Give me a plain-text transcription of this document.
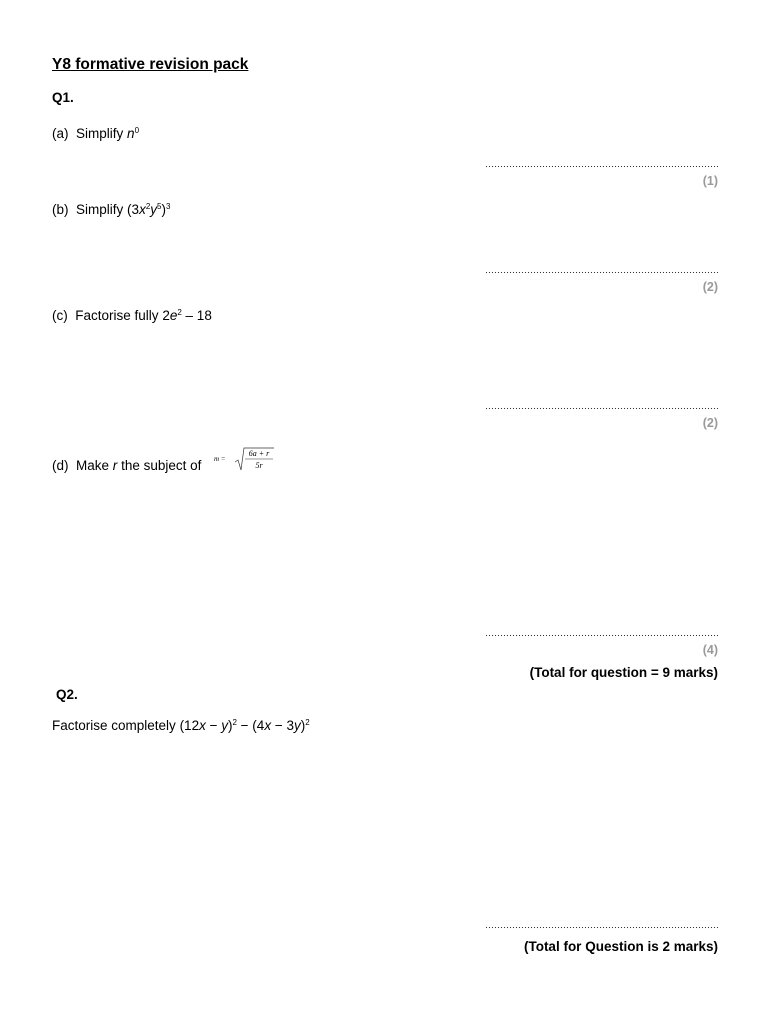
Y8 formative revision pack
Q1.
(a) Simplify $n^0$
(1)
(b) Simplify $(3x^2y^5)^3$
(2)
(c) Factorise fully $2e^2 - 18$
(2)
(d) Make r the subject of m =
6a + r
5r
(4)
(Total for question = 9 marks)
Q2.
Factorise completely $(12x - y)^2 - (4x - 3y)^2$
(Total for Question is 2 marks)
